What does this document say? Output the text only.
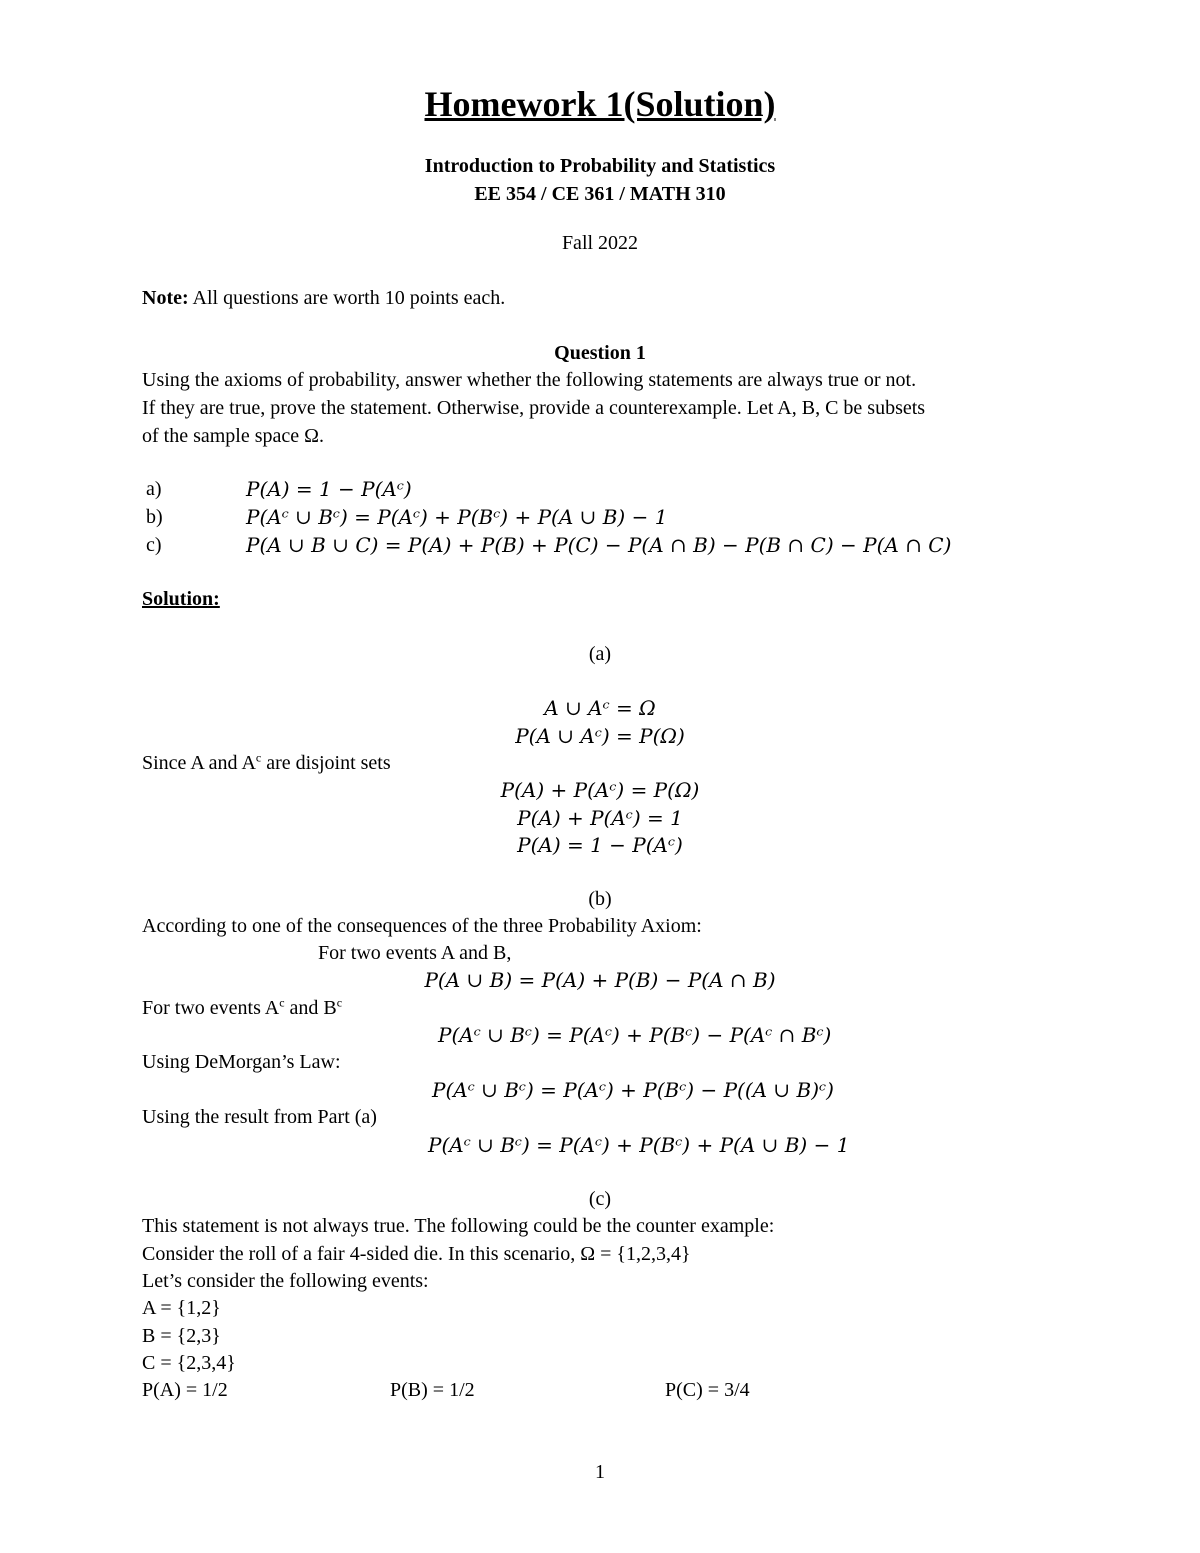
Homework 1(Solution)
Introduction to Probability and Statistics
EE 354 / CE 361 / MATH 310
Fall 2022
Note: All questions are worth 10 points each.
Question 1
Using the axioms of probability, answer whether the following statements are always true or not.
If they are true, prove the statement. Otherwise, provide a counterexample. Let A, B, C be subsets
of the sample space Ω.
a)	P(A) = 1 − P(Aᶜ)
b)	P(Aᶜ ∪ Bᶜ) = P(Aᶜ) + P(Bᶜ) + P(A ∪ B) − 1
c)	P(A ∪ B ∪ C) = P(A) + P(B) + P(C) − P(A ∩ B) − P(B ∩ C) − P(A ∩ C)
Solution:
(a)
A ∪ Aᶜ = Ω
P(A ∪ Aᶜ) = P(Ω)
Since A and $A^c$ are disjoint sets
P(A) + P(Aᶜ) = P(Ω)
P(A) + P(Aᶜ) = 1
P(A) = 1 − P(Aᶜ)
(b)
According to one of the consequences of the three Probability Axiom:
For two events A and B,
P(A ∪ B) = P(A) + P(B) − P(A ∩ B)
For two events $A^c$ and $B^c$
P(Aᶜ ∪ Bᶜ) = P(Aᶜ) + P(Bᶜ) − P(Aᶜ ∩ Bᶜ)
Using DeMorgan’s Law:
P(Aᶜ ∪ Bᶜ) = P(Aᶜ) + P(Bᶜ) − P((A ∪ B)ᶜ)
Using the result from Part (a)
P(Aᶜ ∪ Bᶜ) = P(Aᶜ) + P(Bᶜ) + P(A ∪ B) − 1
(c)
This statement is not always true. The following could be the counter example:
Consider the roll of a fair 4-sided die. In this scenario, Ω = {1,2,3,4}
Let’s consider the following events:
A = {1,2}
B = {2,3}
C = {2,3,4}
P(A) = 1/2	P(B) = 1/2	P(C) = 3/4
1
